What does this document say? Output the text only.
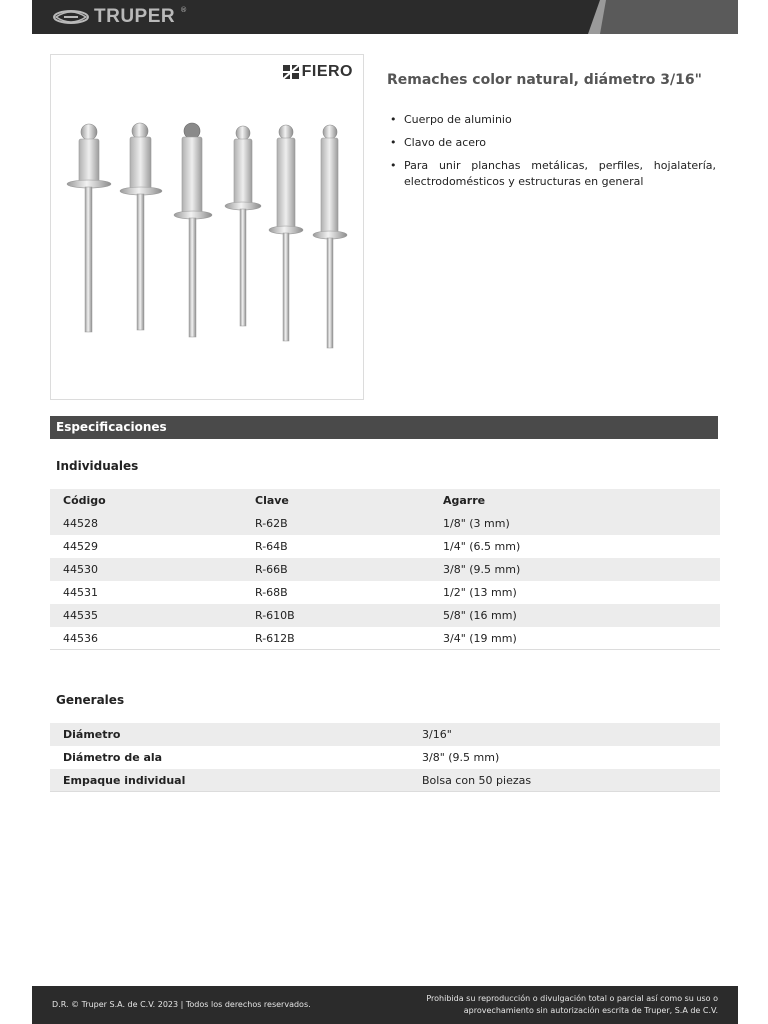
TRUPER ®
FIERO Remaches color natural, diámetro 3/16"
• Cuerpo de aluminio
• Clavo de acero
• Para unir planchas metálicas, perfiles, hojalatería, electrodomésticos y estructuras en general
Especificaciones
Individuales
Código	Clave	Agarre
44528	R-62B	1/8" (3 mm)
44529	R-64B	1/4" (6.5 mm)
44530	R-66B	3/8" (9.5 mm)
44531	R-68B	1/2" (13 mm)
44535	R-610B	5/8" (16 mm)
44536	R-612B	3/4" (19 mm)
Generales
Diámetro	3/16"
Diámetro de ala	3/8" (9.5 mm)
Empaque individual	Bolsa con 50 piezas
D.R. © Truper S.A. de C.V. 2023 | Todos los derechos reservados.
Prohibida su reproducción o divulgación total o parcial así como su uso o
aprovechamiento sin autorización escrita de Truper, S.A de C.V.
